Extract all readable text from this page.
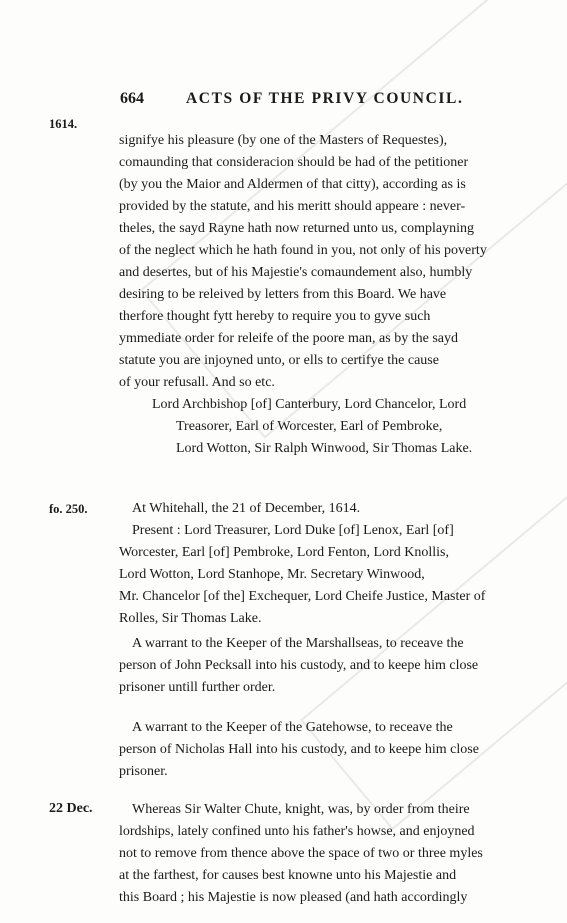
664	ACTS OF THE PRIVY COUNCIL.
1614.
signifye his pleasure (by one of the Masters of Requestes),
comaunding that consideracion should be had of the petitioner
(by you the Maior and Aldermen of that citty), according as is
provided by the statute, and his meritt should appeare : never-
theles, the sayd Rayne hath now returned unto us, complayning
of the neglect which he hath found in you, not only of his poverty
and desertes, but of his Majestie's comaundement also, humbly
desiring to be releived by letters from this Board. We have
therfore thought fytt hereby to require you to gyve such
ymmediate order for releife of the poore man, as by the sayd
statute you are injoyned unto, or ells to certifye the cause
of your refusall. And so etc.
Lord Archbishop [of] Canterbury, Lord Chancelor, Lord
Treasorer, Earl of Worcester, Earl of Pembroke,
Lord Wotton, Sir Ralph Winwood, Sir Thomas Lake.
fo. 250.	At Whitehall, the 21 of December, 1614.
Present : Lord Treasurer, Lord Duke [of] Lenox, Earl [of]
Worcester, Earl [of] Pembroke, Lord Fenton, Lord Knollis,
Lord Wotton, Lord Stanhope, Mr. Secretary Winwood,
Mr. Chancelor [of the] Exchequer, Lord Cheife Justice, Master of
Rolles, Sir Thomas Lake.
A warrant to the Keeper of the Marshallseas, to receave the
person of John Pecksall into his custody, and to keepe him close
prisoner untill further order.
A warrant to the Keeper of the Gatehowse, to receave the
person of Nicholas Hall into his custody, and to keepe him close
prisoner.
22 Dec.	Whereas Sir Walter Chute, knight, was, by order from theire
lordships, lately confined unto his father's howse, and enjoyned
not to remove from thence above the space of two or three myles
at the farthest, for causes best knowne unto his Majestie and
this Board ; his Majestie is now pleased (and hath accordingly
